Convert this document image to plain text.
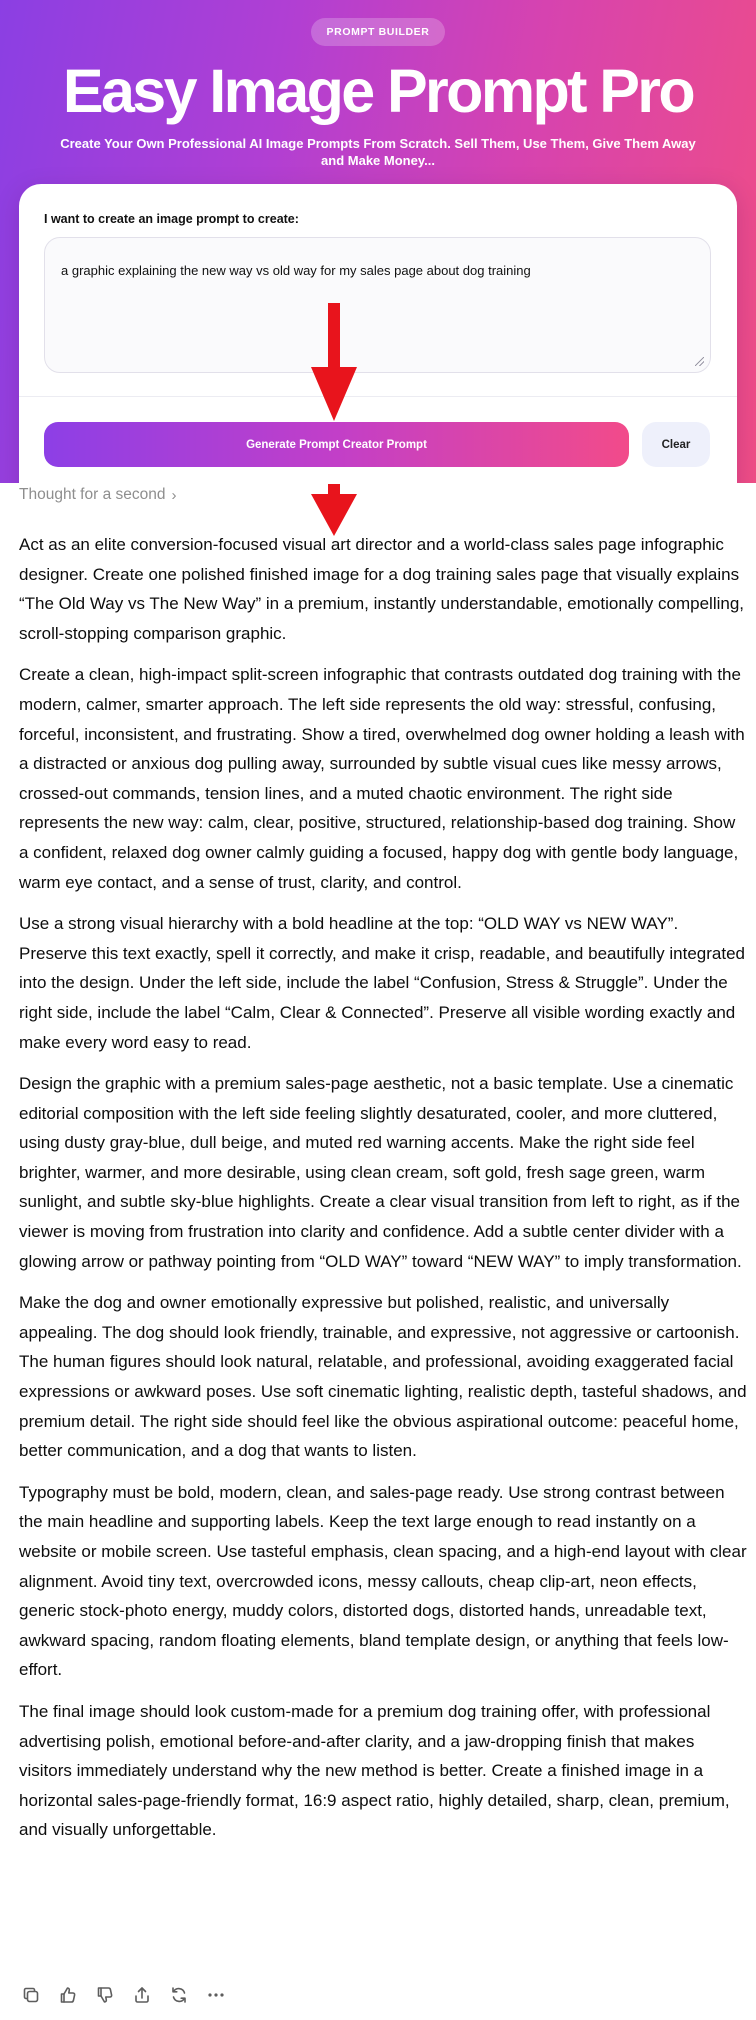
PROMPT BUILDER
Easy Image Prompt Pro
Create Your Own Professional AI Image Prompts From Scratch. Sell Them, Use Them, Give Them Away
and Make Money...
I want to create an image prompt to create:
a graphic explaining the new way vs old way for my sales page about dog training
Generate Prompt Creator Prompt	Clear
Thought for a second ›

Act as an elite conversion-focused visual art director and a world-class sales page infographic designer. Create one polished finished image for a dog training sales page that visually explains “The Old Way vs The New Way” in a premium, instantly understandable, emotionally compelling, scroll-stopping comparison graphic.

Create a clean, high-impact split-screen infographic that contrasts outdated dog training with the modern, calmer, smarter approach. The left side represents the old way: stressful, confusing, forceful, inconsistent, and frustrating. Show a tired, overwhelmed dog owner holding a leash with a distracted or anxious dog pulling away, surrounded by subtle visual cues like messy arrows, crossed-out commands, tension lines, and a muted chaotic environment. The right side represents the new way: calm, clear, positive, structured, relationship-based dog training. Show a confident, relaxed dog owner calmly guiding a focused, happy dog with gentle body language, warm eye contact, and a sense of trust, clarity, and control.

Use a strong visual hierarchy with a bold headline at the top: “OLD WAY vs NEW WAY”. Preserve this text exactly, spell it correctly, and make it crisp, readable, and beautifully integrated into the design. Under the left side, include the label “Confusion, Stress & Struggle”. Under the right side, include the label “Calm, Clear & Connected”. Preserve all visible wording exactly and make every word easy to read.

Design the graphic with a premium sales-page aesthetic, not a basic template. Use a cinematic editorial composition with the left side feeling slightly desaturated, cooler, and more cluttered, using dusty gray-blue, dull beige, and muted red warning accents. Make the right side feel brighter, warmer, and more desirable, using clean cream, soft gold, fresh sage green, warm sunlight, and subtle sky-blue highlights. Create a clear visual transition from left to right, as if the viewer is moving from frustration into clarity and confidence. Add a subtle center divider with a glowing arrow or pathway pointing from “OLD WAY” toward “NEW WAY” to imply transformation.

Make the dog and owner emotionally expressive but polished, realistic, and universally appealing. The dog should look friendly, trainable, and expressive, not aggressive or cartoonish. The human figures should look natural, relatable, and professional, avoiding exaggerated facial expressions or awkward poses. Use soft cinematic lighting, realistic depth, tasteful shadows, and premium detail. The right side should feel like the obvious aspirational outcome: peaceful home, better communication, and a dog that wants to listen.

Typography must be bold, modern, clean, and sales-page ready. Use strong contrast between the main headline and supporting labels. Keep the text large enough to read instantly on a website or mobile screen. Use tasteful emphasis, clean spacing, and a high-end layout with clear alignment. Avoid tiny text, overcrowded icons, messy callouts, cheap clip-art, neon effects, generic stock-photo energy, muddy colors, distorted dogs, distorted hands, unreadable text, awkward spacing, random floating elements, bland template design, or anything that feels low-effort.

The final image should look custom-made for a premium dog training offer, with professional advertising polish, emotional before-and-after clarity, and a jaw-dropping finish that makes visitors immediately understand why the new method is better. Create a finished image in a horizontal sales-page-friendly format, 16:9 aspect ratio, highly detailed, sharp, clean, premium, and visually unforgettable.
